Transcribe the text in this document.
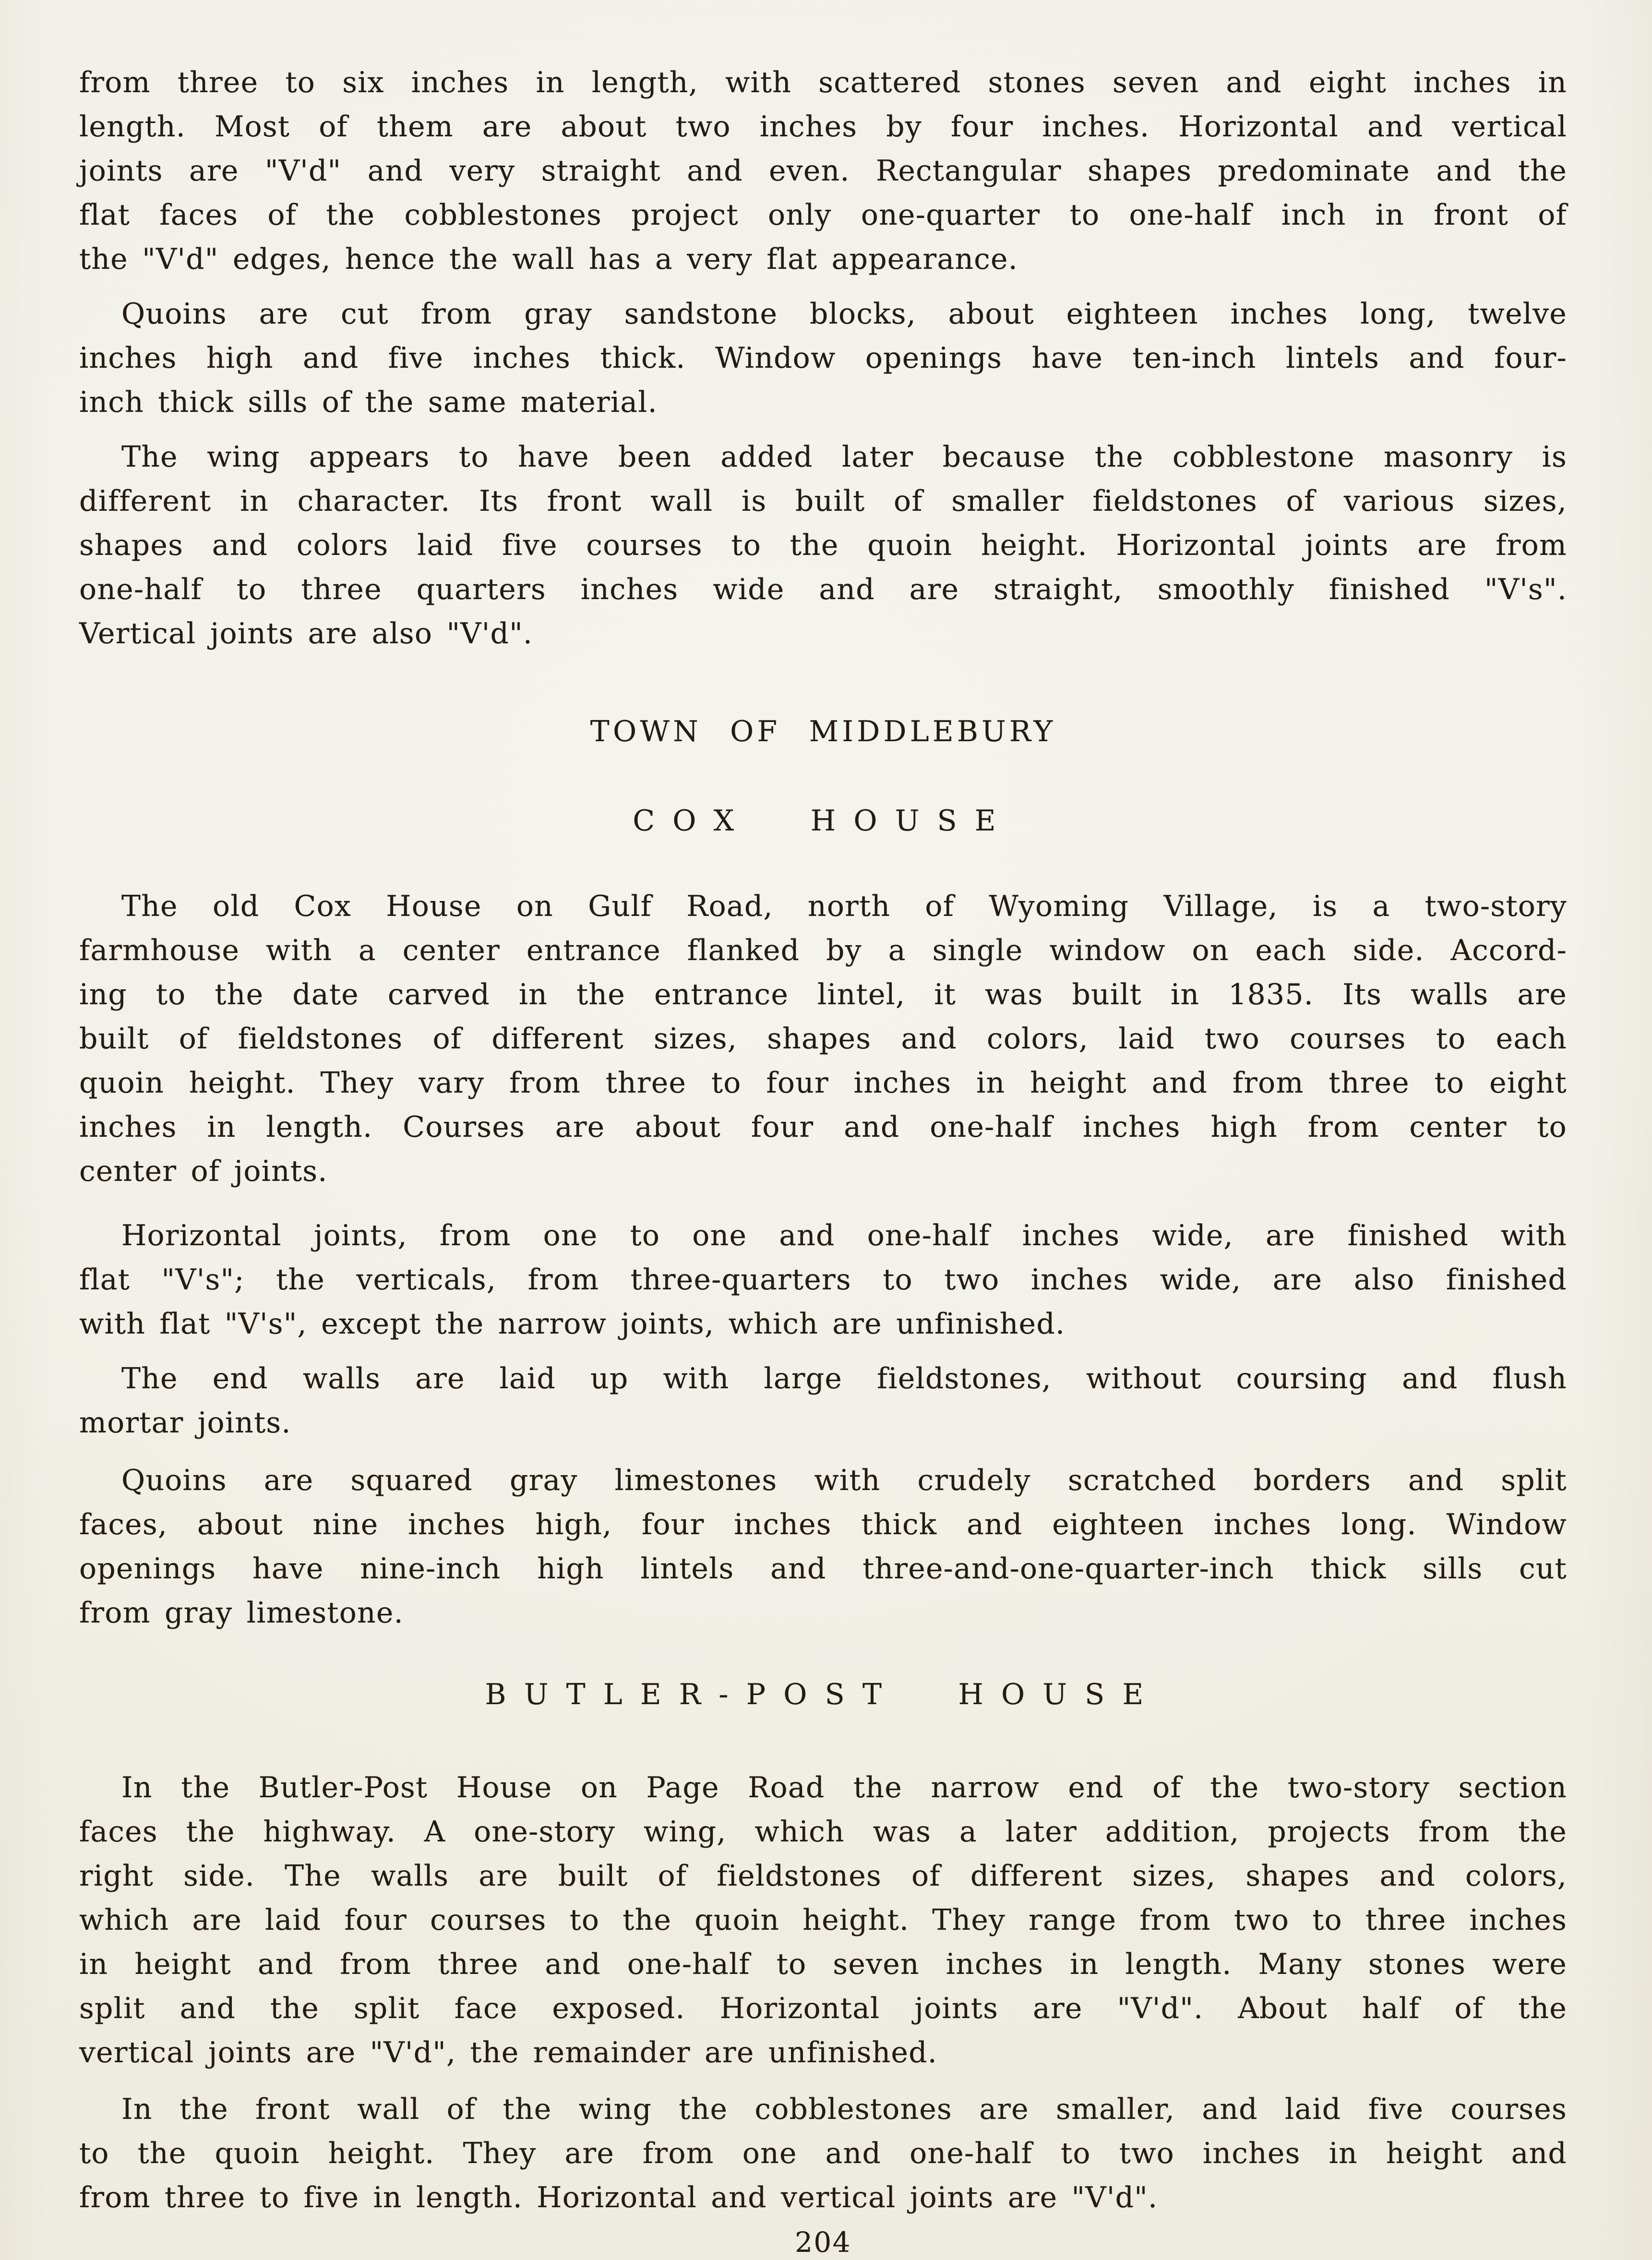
from three to six inches in length, with scattered stones seven and eight inches in
length. Most of them are about two inches by four inches. Horizontal and vertical
joints are "V'd" and very straight and even. Rectangular shapes predominate and the
flat faces of the cobblestones project only one-quarter to one-half inch in front of
the "V'd" edges, hence the wall has a very flat appearance.
Quoins are cut from gray sandstone blocks, about eighteen inches long, twelve
inches high and five inches thick. Window openings have ten-inch lintels and four-
inch thick sills of the same material.
The wing appears to have been added later because the cobblestone masonry is
different in character. Its front wall is built of smaller fieldstones of various sizes,
shapes and colors laid five courses to the quoin height. Horizontal joints are from
one-half to three quarters inches wide and are straight, smoothly finished "V's".
Vertical joints are also "V'd".
TOWN OF MIDDLEBURY
COX HOUSE
The old Cox House on Gulf Road, north of Wyoming Village, is a two-story
farmhouse with a center entrance flanked by a single window on each side. Accord-
ing to the date carved in the entrance lintel, it was built in 1835. Its walls are
built of fieldstones of different sizes, shapes and colors, laid two courses to each
quoin height. They vary from three to four inches in height and from three to eight
inches in length. Courses are about four and one-half inches high from center to
center of joints.
Horizontal joints, from one to one and one-half inches wide, are finished with
flat "V's"; the verticals, from three-quarters to two inches wide, are also finished
with flat "V's", except the narrow joints, which are unfinished.
The end walls are laid up with large fieldstones, without coursing and flush
mortar joints.
Quoins are squared gray limestones with crudely scratched borders and split
faces, about nine inches high, four inches thick and eighteen inches long. Window
openings have nine-inch high lintels and three-and-one-quarter-inch thick sills cut
from gray limestone.
BUTLER-POST HOUSE
In the Butler-Post House on Page Road the narrow end of the two-story section
faces the highway. A one-story wing, which was a later addition, projects from the
right side. The walls are built of fieldstones of different sizes, shapes and colors,
which are laid four courses to the quoin height. They range from two to three inches
in height and from three and one-half to seven inches in length. Many stones were
split and the split face exposed. Horizontal joints are "V'd". About half of the
vertical joints are "V'd", the remainder are unfinished.
In the front wall of the wing the cobblestones are smaller, and laid five courses
to the quoin height. They are from one and one-half to two inches in height and
from three to five in length. Horizontal and vertical joints are "V'd".
204
